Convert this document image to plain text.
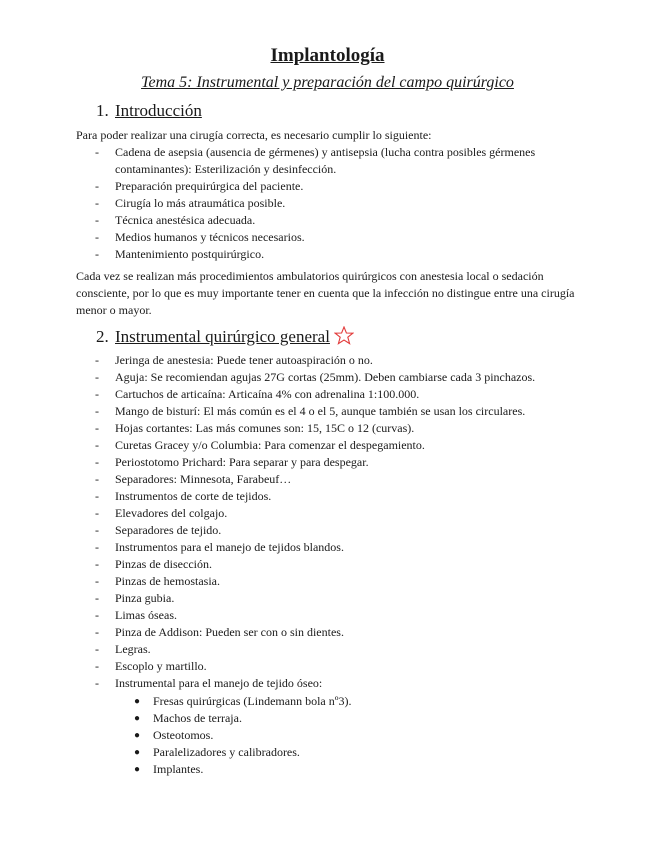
Implantología
Tema 5: Instrumental y preparación del campo quirúrgico
1. Introducción
Para poder realizar una cirugía correcta, es necesario cumplir lo siguiente:
- Cadena de asepsia (ausencia de gérmenes) y antisepsia (lucha contra posibles gérmenes contaminantes): Esterilización y desinfección.
- Preparación prequirúrgica del paciente.
- Cirugía lo más atraumática posible.
- Técnica anestésica adecuada.
- Medios humanos y técnicos necesarios.
- Mantenimiento postquirúrgico.
Cada vez se realizan más procedimientos ambulatorios quirúrgicos con anestesia local o sedación consciente, por lo que es muy importante tener en cuenta que la infección no distingue entre una cirugía menor o mayor.
2. Instrumental quirúrgico general
- Jeringa de anestesia: Puede tener autoaspiración o no.
- Aguja: Se recomiendan agujas 27G cortas (25mm). Deben cambiarse cada 3 pinchazos.
- Cartuchos de articaína: Articaína 4% con adrenalina 1:100.000.
- Mango de bisturí: El más común es el 4 o el 5, aunque también se usan los circulares.
- Hojas cortantes: Las más comunes son: 15, 15C o 12 (curvas).
- Curetas Gracey y/o Columbia: Para comenzar el despegamiento.
- Periostotomo Prichard: Para separar y para despegar.
- Separadores: Minnesota, Farabeuf…
- Instrumentos de corte de tejidos.
- Elevadores del colgajo.
- Separadores de tejido.
- Instrumentos para el manejo de tejidos blandos.
- Pinzas de disección.
- Pinzas de hemostasia.
- Pinza gubia.
- Limas óseas.
- Pinza de Addison: Pueden ser con o sin dientes.
- Legras.
- Escoplo y martillo.
- Instrumental para el manejo de tejido óseo:
● Fresas quirúrgicas (Lindemann bola nº3).
● Machos de terraja.
● Osteotomos.
● Paralelizadores y calibradores.
● Implantes.
